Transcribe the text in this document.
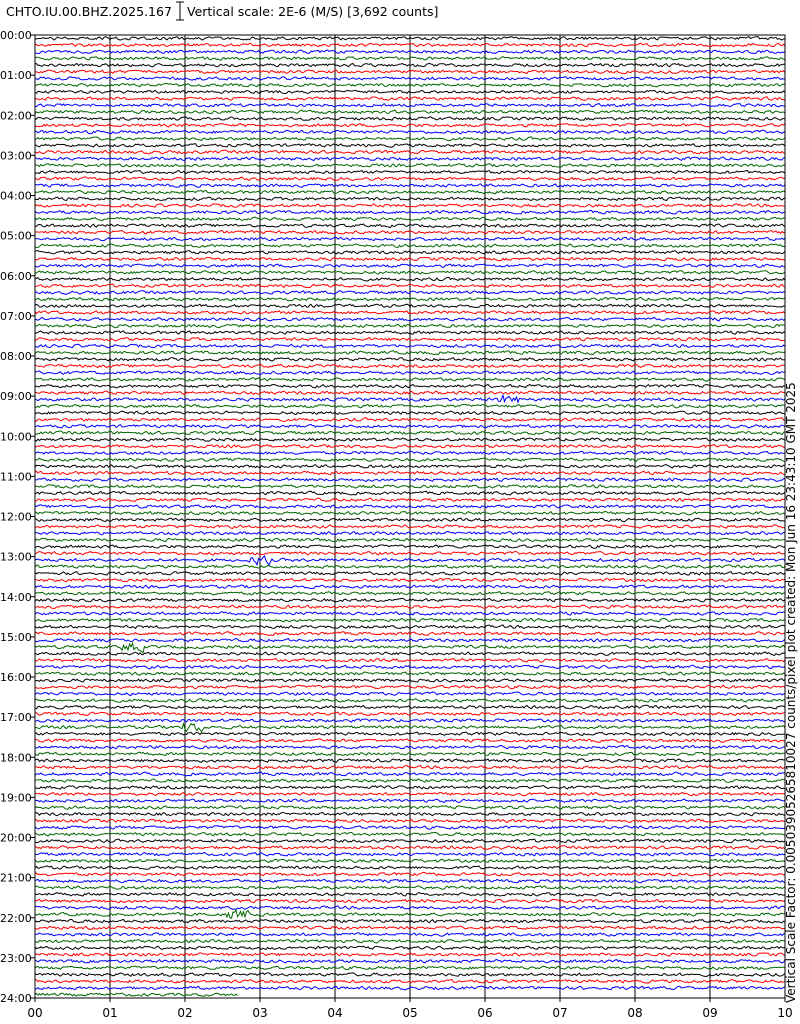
CHTO.IU.00.BHZ.2025.167 Vertical scale: 2E-6 (M/S) [3,692 counts]
00:00
01:00
02:00
03:00
04:00
05:00
06:00
07:00
08:00
09:00
10:00
11:00
12:00
13:00
14:00
15:00
16:00
17:00
18:00
19:00
20:00
21:00
22:00
23:00
24:00
00	01	02	03	04	05	06	07	08	09	10
Vertical Scale Factor: 0.00503905265810027 counts/pixel plot created: Mon Jun 16 23:43:10 GMT 2025
